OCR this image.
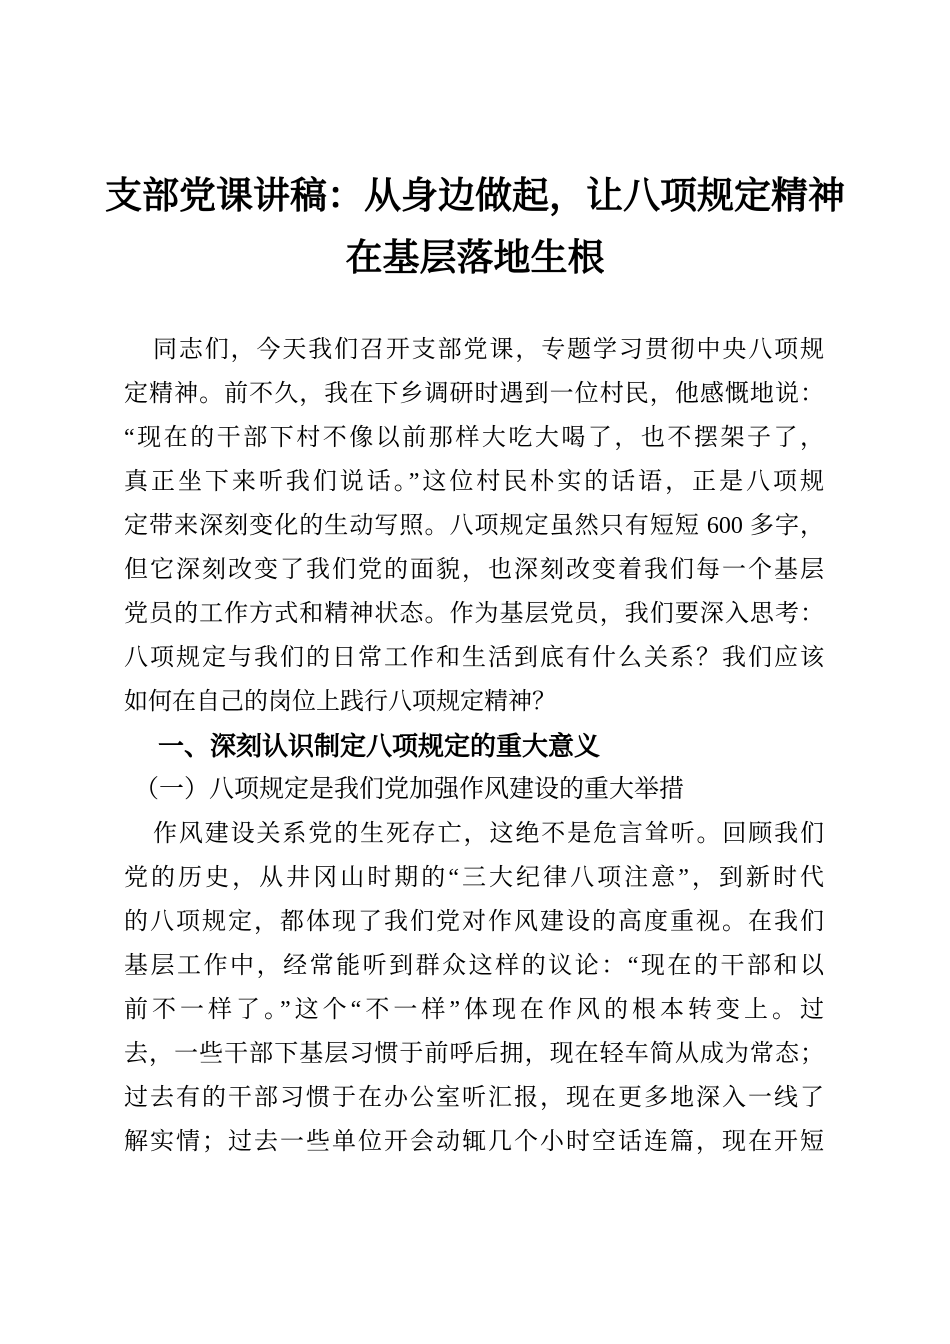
支部党课讲稿：从身边做起，让八项规定精神
在基层落地生根
同志们，今天我们召开支部党课，专题学习贯彻中央八项规
定精神。前不久，我在下乡调研时遇到一位村民，他感慨地说：
“现在的干部下村不像以前那样大吃大喝了，也不摆架子了，
真正坐下来听我们说话。”这位村民朴实的话语，正是八项规
定带来深刻变化的生动写照。八项规定虽然只有短短 600 多字，
但它深刻改变了我们党的面貌，也深刻改变着我们每一个基层
党员的工作方式和精神状态。作为基层党员，我们要深入思考：
八项规定与我们的日常工作和生活到底有什么关系？我们应该
如何在自己的岗位上践行八项规定精神？
一、深刻认识制定八项规定的重大意义
（一）八项规定是我们党加强作风建设的重大举措
作风建设关系党的生死存亡，这绝不是危言耸听。回顾我们
党的历史，从井冈山时期的“三大纪律八项注意”，到新时代
的八项规定，都体现了我们党对作风建设的高度重视。在我们
基层工作中，经常能听到群众这样的议论：“现在的干部和以
前不一样了。”这个“不一样”体现在作风的根本转变上。过
去，一些干部下基层习惯于前呼后拥，现在轻车简从成为常态；
过去有的干部习惯于在办公室听汇报，现在更多地深入一线了
解实情；过去一些单位开会动辄几个小时空话连篇，现在开短
